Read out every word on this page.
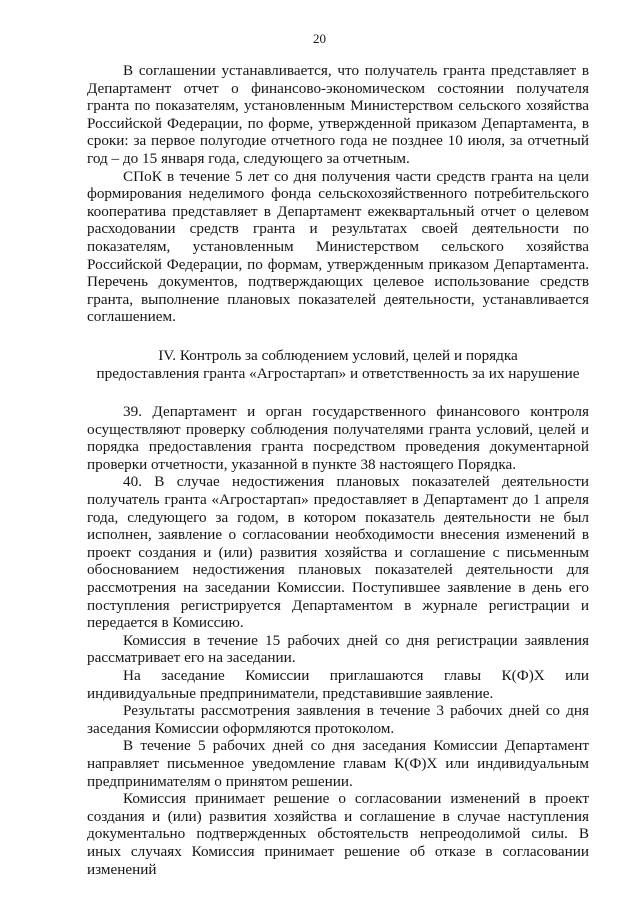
20

В соглашении устанавливается, что получатель гранта представляет в Департамент отчет о финансово-экономическом состоянии получателя гранта по показателям, установленным Министерством сельского хозяйства Российской Федерации, по форме, утвержденной приказом Департамента, в сроки: за первое полугодие отчетного года не позднее 10 июля, за отчетный год – до 15 января года, следующего за отчетным.

СПоК в течение 5 лет со дня получения части средств гранта на цели формирования неделимого фонда сельскохозяйственного потребительского кооператива представляет в Департамент ежеквартальный отчет о целевом расходовании средств гранта и результатах своей деятельности по показателям, установленным Министерством сельского хозяйства Российской Федерации, по формам, утвержденным приказом Департамента. Перечень документов, подтверждающих целевое использование средств гранта, выполнение плановых показателей деятельности, устанавливается соглашением.

IV. Контроль за соблюдением условий, целей и порядка

предоставления гранта «Агростартап» и ответственность за их нарушение

39. Департамент и орган государственного финансового контроля осуществляют проверку соблюдения получателями гранта условий, целей и порядка предоставления гранта посредством проведения документарной проверки отчетности, указанной в пункте 38 настоящего Порядка.

40. В случае недостижения плановых показателей деятельности получатель гранта «Агростартап» предоставляет в Департамент до 1 апреля года, следующего за годом, в котором показатель деятельности не был исполнен, заявление о согласовании необходимости внесения изменений в проект создания и (или) развития хозяйства и соглашение с письменным обоснованием недостижения плановых показателей деятельности для рассмотрения на заседании Комиссии. Поступившее заявление в день его поступления регистрируется Департаментом в журнале регистрации и передается в Комиссию.

Комиссия в течение 15 рабочих дней со дня регистрации заявления рассматривает его на заседании.

На заседание Комиссии приглашаются главы К(Ф)Х или индивидуальные предприниматели, представившие заявление.

Результаты рассмотрения заявления в течение 3 рабочих дней со дня заседания Комиссии оформляются протоколом.

В течение 5 рабочих дней со дня заседания Комиссии Департамент направляет письменное уведомление главам К(Ф)Х или индивидуальным предпринимателям о принятом решении.

Комиссия принимает решение о согласовании изменений в проект создания и (или) развития хозяйства и соглашение в случае наступления документально подтвержденных обстоятельств непреодолимой силы. В иных случаях Комиссия принимает решение об отказе в согласовании изменений
